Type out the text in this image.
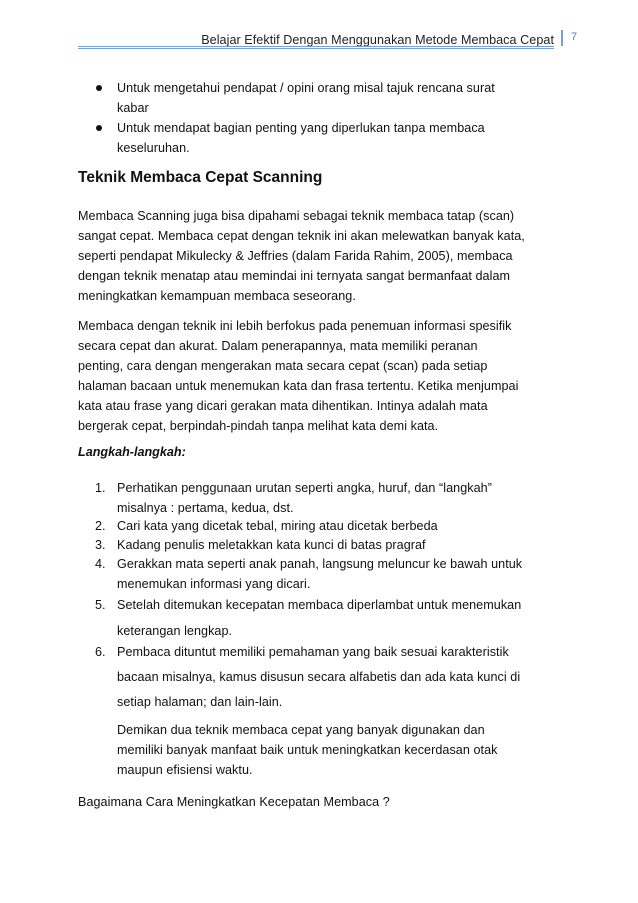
Belajar Efektif Dengan Menggunakan Metode Membaca Cepat	7
Untuk mengetahui pendapat / opini orang misal tajuk rencana surat
kabar
Untuk mendapat bagian penting yang diperlukan tanpa membaca
keseluruhan.
Teknik Membaca Cepat Scanning
Membaca Scanning juga bisa dipahami sebagai teknik membaca tatap (scan)
sangat cepat. Membaca cepat dengan teknik ini akan melewatkan banyak kata,
seperti pendapat Mikulecky & Jeffries (dalam Farida Rahim, 2005), membaca
dengan teknik menatap atau memindai ini ternyata sangat bermanfaat dalam
meningkatkan kemampuan membaca seseorang.
Membaca dengan teknik ini lebih berfokus pada penemuan informasi spesifik
secara cepat dan akurat. Dalam penerapannya, mata memiliki peranan
penting, cara dengan mengerakan mata secara cepat (scan) pada setiap
halaman bacaan untuk menemukan kata dan frasa tertentu. Ketika menjumpai
kata atau frase yang dicari gerakan mata dihentikan. Intinya adalah mata
bergerak cepat, berpindah-pindah tanpa melihat kata demi kata.
Langkah-langkah:
1. Perhatikan penggunaan urutan seperti angka, huruf, dan “langkah”
misalnya : pertama, kedua, dst.
2. Cari kata yang dicetak tebal, miring atau dicetak berbeda
3. Kadang penulis meletakkan kata kunci di batas pragraf
4. Gerakkan mata seperti anak panah, langsung meluncur ke bawah untuk
menemukan informasi yang dicari.
5. Setelah ditemukan kecepatan membaca diperlambat untuk menemukan
keterangan lengkap.
6. Pembaca dituntut memiliki pemahaman yang baik sesuai karakteristik
bacaan misalnya, kamus disusun secara alfabetis dan ada kata kunci di
setiap halaman; dan lain-lain.
Demikan dua teknik membaca cepat yang banyak digunakan dan
memiliki banyak manfaat baik untuk meningkatkan kecerdasan otak
maupun efisiensi waktu.
Bagaimana Cara Meningkatkan Kecepatan Membaca ?
